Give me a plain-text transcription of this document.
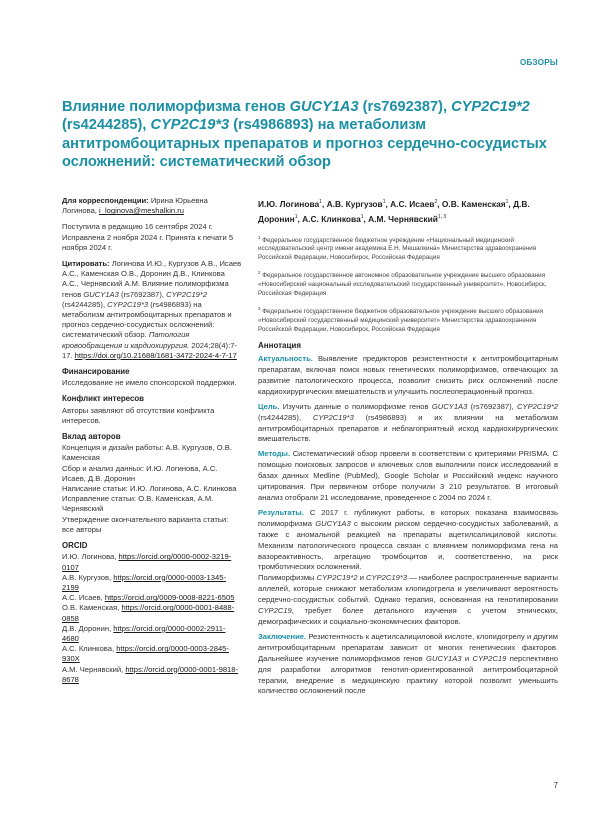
ОБЗОРЫ
Влияние полиморфизма генов GUCY1A3 (rs7692387), CYP2C19*2 (rs4244285), CYP2C19*3 (rs4986893) на метаболизм антитромбоцитарных препаратов и прогноз сердечно-сосудистых осложнений: систематический обзор

Для корреспонденции: Ирина Юрьевна Логинова, i_loginova@meshalkin.ru

Поступила в редакцию 16 сентября 2024 г. Исправлена 2 ноября 2024 г. Принята к печати 5 ноября 2024 г.

Цитировать: Логинова И.Ю., Кургузов А.В., Исаев А.С., Каменская О.В., Доронин Д.В., Клинкова А.С., Чернявский А.М. Влияние полиморфизма генов GUCY1A3 (rs7692387), CYP2C19*2 (rs4244285), CYP2C19*3 (rs4986893) на метаболизм антитромбоцитарных препаратов и прогноз сердечно-сосудистых осложнений: систематический обзор. Патология кровообращения и кардиохирургия. 2024;28(4):7-17. https://doi.org/10.21688/1681-3472-2024-4-7-17

Финансирование
Исследование не имело спонсорской поддержки.
Конфликт интересов
Авторы заявляют об отсутствии конфликта интересов.
Вклад авторов
Концепция и дизайн работы: А.В. Кургузов, О.В. Каменская
Сбор и анализ данных: И.Ю. Логинова, А.С. Исаев, Д.В. Доронин
Написание статьи: И.Ю. Логинова, А.С. Клинкова
Исправление статьи: О.В. Каменская, А.М. Чернявский
Утверждение окончательного варианта статьи: все авторы
ORCID
И.Ю. Логинова, https://orcid.org/0000-0002-3219-0107
А.В. Кургузов, https://orcid.org/0000-0003-1345-2199
А.С. Исаев, https://orcid.org/0009-0008-8221-6505
О.В. Каменская, https://orcid.org/0000-0001-8488-0858
Д.В. Доронин, https://orcid.org/0000-0002-2911-4680
А.С. Клинкова, https://orcid.org/0000-0003-2845-930X
А.М. Чернявский, https://orcid.org/0000-0001-9818-8678

И.Ю. Логинова$^1$, А.В. Кургузов$^1$, А.С. Исаев$^2$, О.В. Каменская$^1$, Д.В. Доронин$^1$, А.С. Клинкова$^1$, А.М. Чернявский$^{1, 3}$

$^1$ Федеральное государственное бюджетное учреждение «Национальный медицинский исследовательский центр имени академика Е.Н. Мешалкина» Министерства здравоохранения Российской Федерации, Новосибирск, Российская Федерация

$^2$ Федеральное государственное автономное образовательное учреждение высшего образования «Новосибирский национальный исследовательский государственный университет», Новосибирск, Российская Федерация

$^3$ Федеральное государственное бюджетное образовательное учреждение высшего образования «Новосибирский государственный медицинский университет» Министерства здравоохранения Российской Федерации, Новосибирск, Российская Федерация

Аннотация

Актуальность. Выявление предикторов резистентности к антитромбоцитарным препаратам, включая поиск новых генетических полиморфизмов, отвечающих за развитие патологического процесса, позволит снизить риск осложнений после кардиохирургических вмешательств и улучшить послеоперационный прогноз.

Цель. Изучить данные о полиморфизме генов GUCY1A3 (rs7692387), CYP2C19*2 (rs4244285), CYP2C19*3 (rs4986893) и их влиянии на метаболизм антитромбоцитарных препаратов и неблагоприятный исход кардиохирургических вмешательств.

Методы. Систематический обзор провели в соответствии с критериями PRISMA. С помощью поисковых запросов и ключевых слов выполнили поиск исследований в базах данных Medline (PubMed), Google Scholar и Российский индекс научного цитирования. При первичном отборе получили 3 210 результатов. В итоговый анализ отобрали 21 исследование, проведенное с 2004 по 2024 г.

Результаты. С 2017 г. публикуют работы, в которых показана взаимосвязь полиморфизма GUCY1A3 с высоким риском сердечно-сосудистых заболеваний, а также с аномальной реакцией на препараты ацетилсалициловой кислоты. Механизм патологического процесса связан с влиянием полиморфизма гена на вазореактивность, агрегацию тромбоцитов и, соответственно, на риск тромботических осложнений.
Полиморфизмы CYP2C19*2 и CYP2C19*3 — наиболее распространенные варианты аллелей, которые снижают метаболизм клопидогрела и увеличивают вероятность сердечно-сосудистых событий. Однако терапия, основанная на генотипировании CYP2C19, требует более детального изучения с учетом этнических, демографических и социально-экономических факторов.

Заключение. Резистентность к ацетилсалициловой кислоте, клопидогрелу и другим антитромбоцитарным препаратам зависит от многих генетических факторов. Дальнейшее изучение полиморфизмов генов GUCY1A3 и CYP2C19 перспективно для разработки алгоритмов генотип-ориентированной антитромбоцитарной терапии, внедрение в медицинскую практику которой позволит уменьшить количество осложнений после

7
